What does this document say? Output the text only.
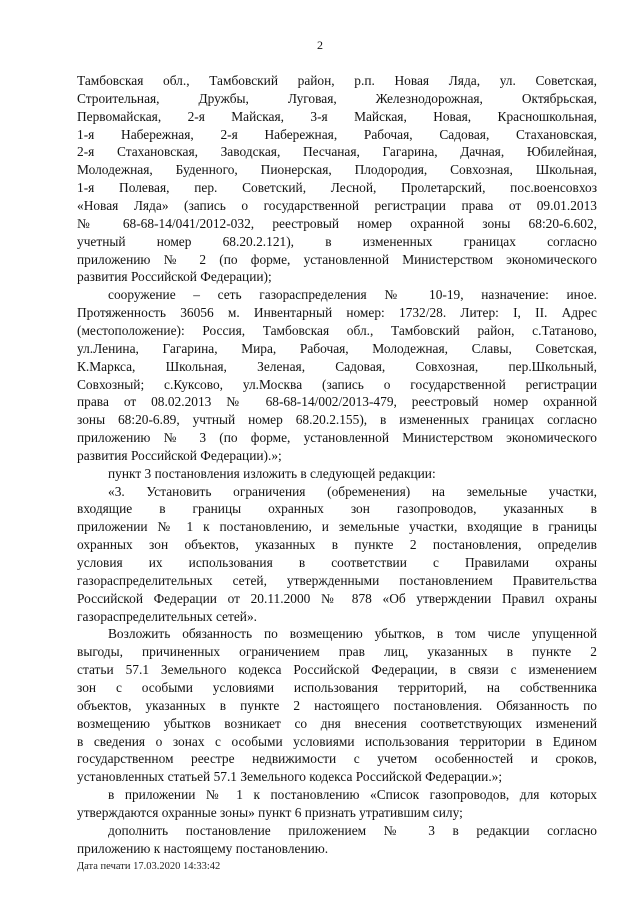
2
Тамбовская обл., Тамбовский район, р.п. Новая Ляда, ул. Советская,
Строительная, Дружбы, Луговая, Железнодорожная, Октябрьская,
Первомайская, 2-я Майская, 3-я Майская, Новая, Красношкольная,
1-я Набережная, 2-я Набережная, Рабочая, Садовая, Стахановская,
2-я Стахановская, Заводская, Песчаная, Гагарина, Дачная, Юбилейная,
Молодежная, Буденного, Пионерская, Плодородия, Совхозная, Школьная,
1-я Полевая, пер. Советский, Лесной, Пролетарский, пос.военсовхоз
«Новая Ляда» (запись о государственной регистрации права от 09.01.2013
№ 68-68-14/041/2012-032, реестровый номер охранной зоны 68:20-6.602,
учетный номер 68.20.2.121), в измененных границах согласно
приложению № 2 (по форме, установленной Министерством экономического
развития Российской Федерации);
сооружение – сеть газораспределения № 10-19, назначение: иное.
Протяженность 36056 м. Инвентарный номер: 1732/28. Литер: I, II. Адрес
(местоположение): Россия, Тамбовская обл., Тамбовский район, с.Татаново,
ул.Ленина, Гагарина, Мира, Рабочая, Молодежная, Славы, Советская,
К.Маркса, Школьная, Зеленая, Садовая, Совхозная, пер.Школьный,
Совхозный; с.Куксово, ул.Москва (запись о государственной регистрации
права от 08.02.2013 № 68-68-14/002/2013-479, реестровый номер охранной
зоны 68:20-6.89, учтный номер 68.20.2.155), в измененных границах согласно
приложению № 3 (по форме, установленной Министерством экономического
развития Российской Федерации).»;
пункт 3 постановления изложить в следующей редакции:
«3. Установить ограничения (обременения) на земельные участки,
входящие в границы охранных зон газопроводов, указанных в
приложении № 1 к постановлению, и земельные участки, входящие в границы
охранных зон объектов, указанных в пункте 2 постановления, определив
условия их использования в соответствии с Правилами охраны
газораспределительных сетей, утвержденными постановлением Правительства
Российской Федерации от 20.11.2000 № 878 «Об утверждении Правил охраны
газораспределительных сетей».
Возложить обязанность по возмещению убытков, в том числе упущенной
выгоды, причиненных ограничением прав лиц, указанных в пункте 2
статьи 57.1 Земельного кодекса Российской Федерации, в связи с изменением
зон с особыми условиями использования территорий, на собственника
объектов, указанных в пункте 2 настоящего постановления. Обязанность по
возмещению убытков возникает со дня внесения соответствующих изменений
в сведения о зонах с особыми условиями использования территории в Едином
государственном реестре недвижимости с учетом особенностей и сроков,
установленных статьей 57.1 Земельного кодекса Российской Федерации.»;
в приложении № 1 к постановлению «Список газопроводов, для которых
утверждаются охранные зоны» пункт 6 признать утратившим силу;
дополнить постановление приложением № 3 в редакции согласно
приложению к настоящему постановлению.
Дата печати 17.03.2020 14:33:42
